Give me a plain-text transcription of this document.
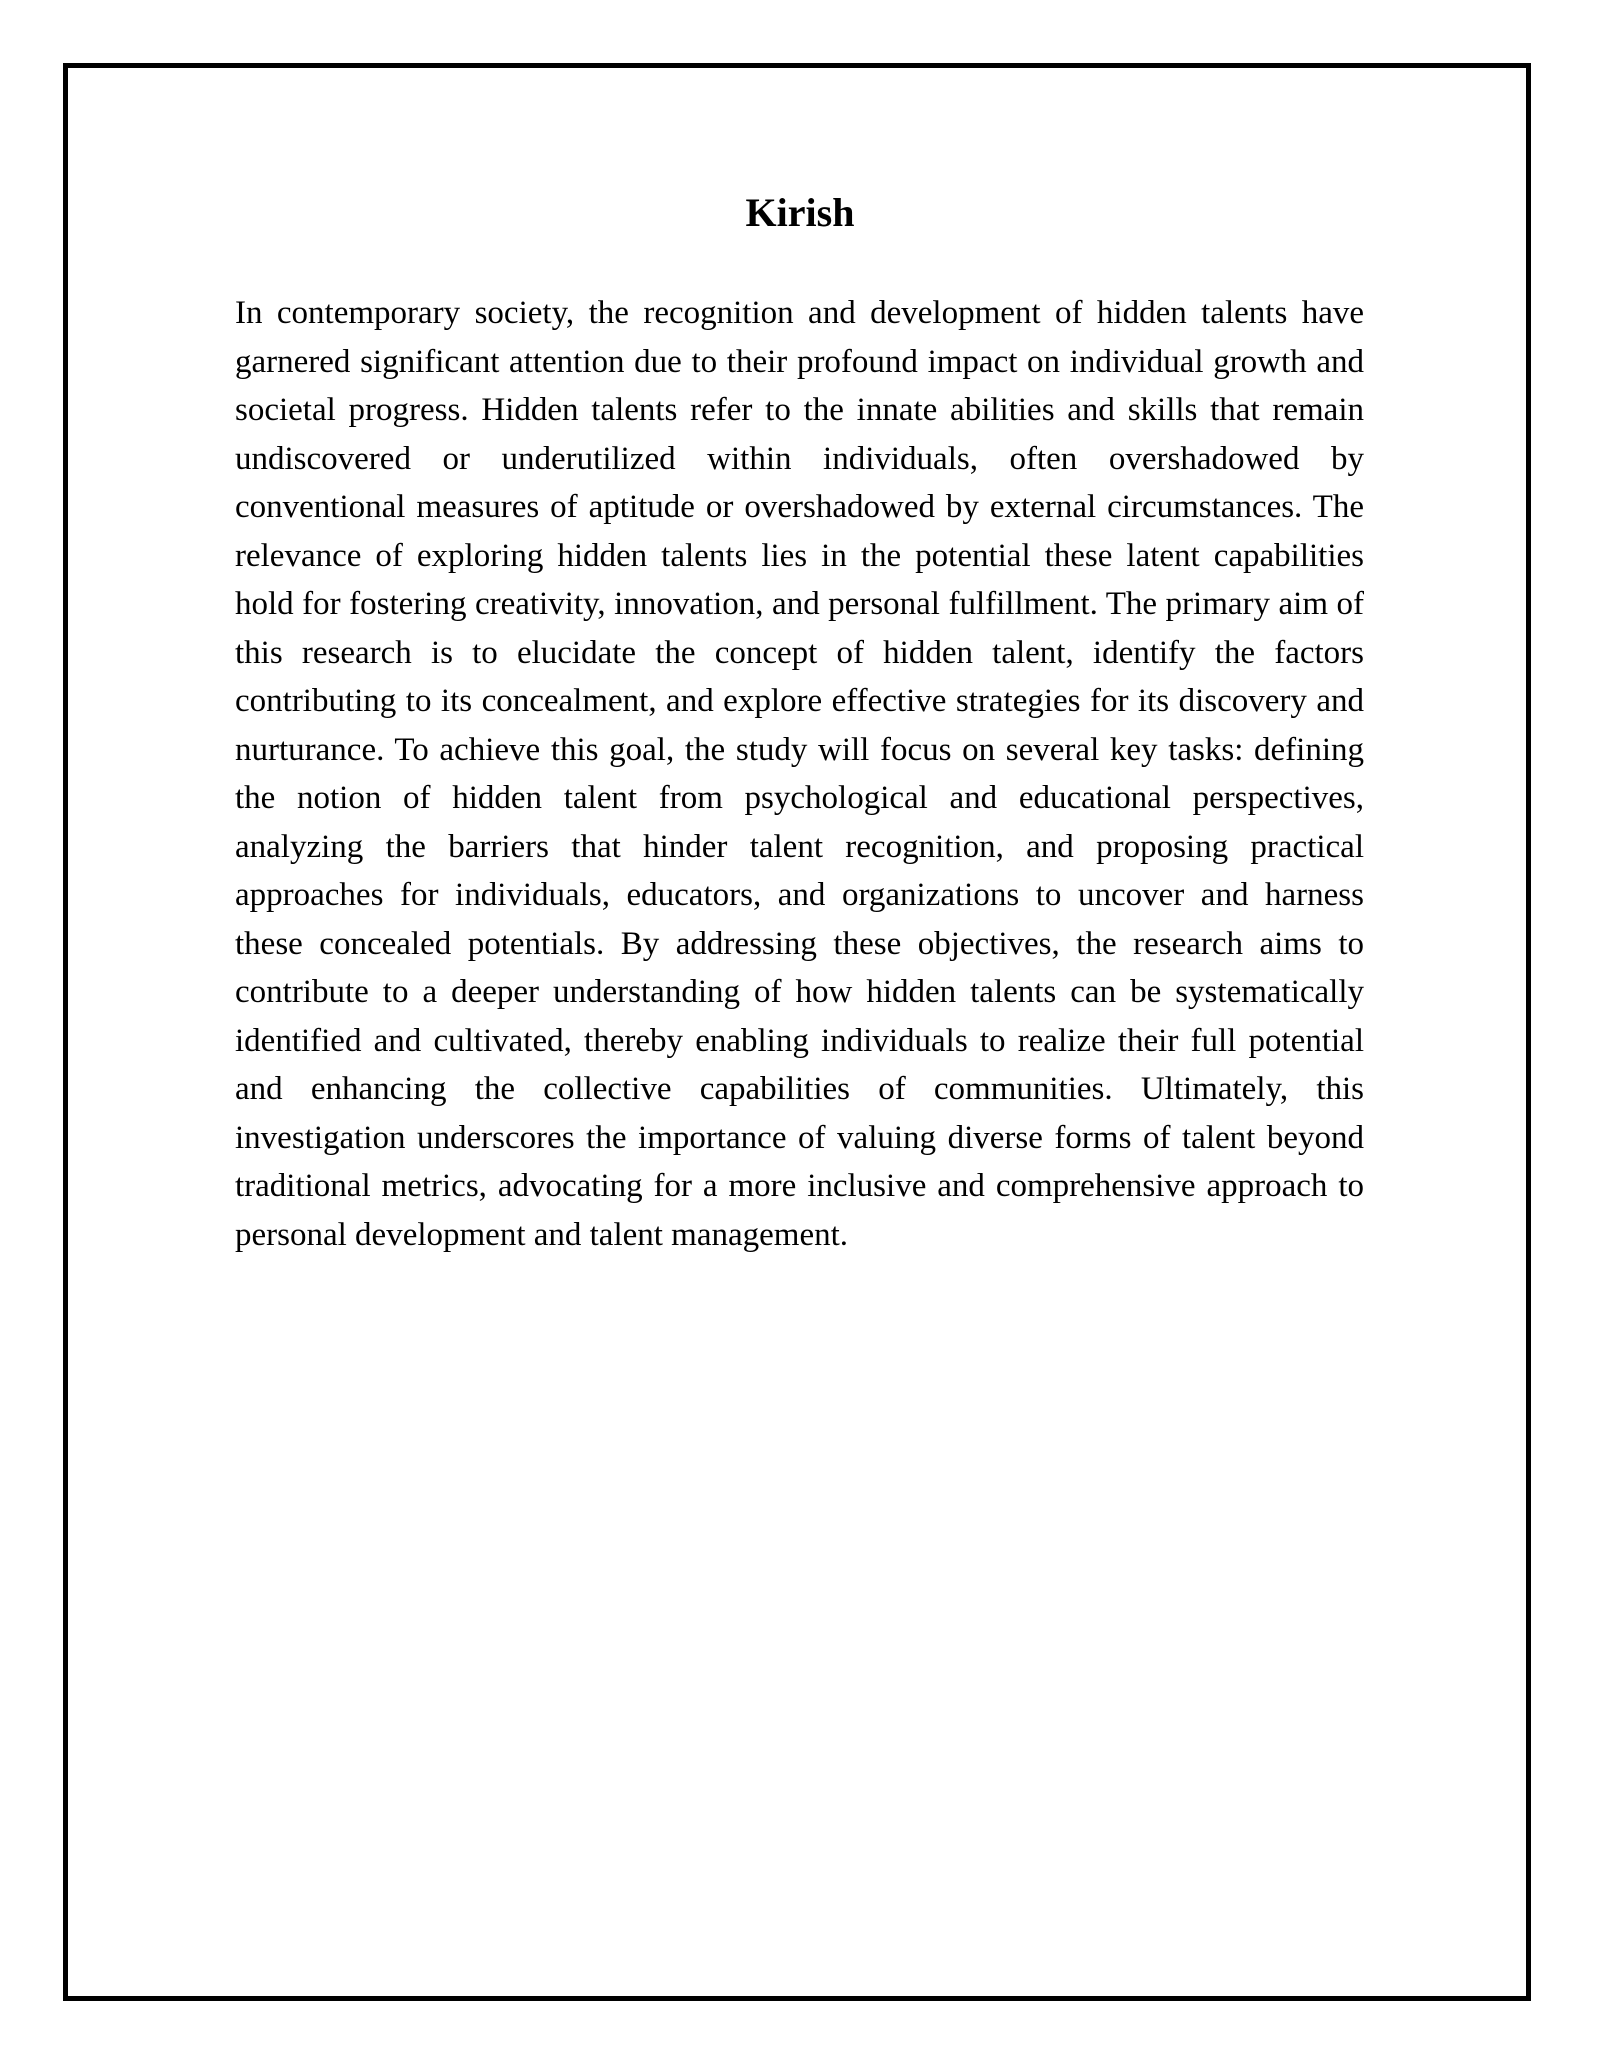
Kirish

In contemporary society, the recognition and development of hidden talents have garnered significant attention due to their profound impact on individual growth and societal progress. Hidden talents refer to the innate abilities and skills that remain undiscovered or underutilized within individuals, often overshadowed by conventional measures of aptitude or overshadowed by external circumstances. The relevance of exploring hidden talents lies in the potential these latent capabilities hold for fostering creativity, innovation, and personal fulfillment. The primary aim of this research is to elucidate the concept of hidden talent, identify the factors contributing to its concealment, and explore effective strategies for its discovery and nurturance. To achieve this goal, the study will focus on several key tasks: defining the notion of hidden talent from psychological and educational perspectives, analyzing the barriers that hinder talent recognition, and proposing practical approaches for individuals, educators, and organizations to uncover and harness these concealed potentials. By addressing these objectives, the research aims to contribute to a deeper understanding of how hidden talents can be systematically identified and cultivated, thereby enabling individuals to realize their full potential and enhancing the collective capabilities of communities. Ultimately, this investigation underscores the importance of valuing diverse forms of talent beyond traditional metrics, advocating for a more inclusive and comprehensive approach to personal development and talent management.
